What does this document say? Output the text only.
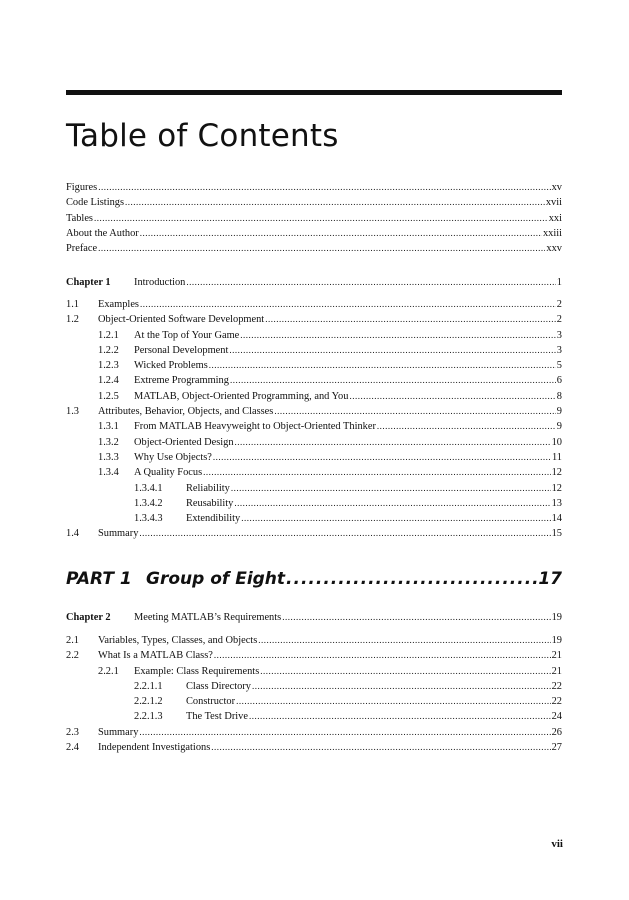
Table of Contents
Figures .....	xv
Code Listings .....	xvii
Tables .....	xxi
About the Author .....	xxiii
Preface .....	xxv
Chapter 1	Introduction .....	1
1.1	Examples .....	2
1.2	Object-Oriented Software Development .....	2
1.2.1	At the Top of Your Game .....	3
1.2.2	Personal Development .....	3
1.2.3	Wicked Problems .....	5
1.2.4	Extreme Programming .....	6
1.2.5	MATLAB, Object-Oriented Programming, and You .....	8
1.3	Attributes, Behavior, Objects, and Classes .....	9
1.3.1	From MATLAB Heavyweight to Object-Oriented Thinker .....	9
1.3.2	Object-Oriented Design .....	10
1.3.3	Why Use Objects? .....	11
1.3.4	A Quality Focus .....	12
1.3.4.1	Reliability .....	12
1.3.4.2	Reusability .....	13
1.3.4.3	Extendibility .....	14
1.4	Summary .....	15
PART 1 Group of Eight .....	17
Chapter 2	Meeting MATLAB’s Requirements .....	19
2.1	Variables, Types, Classes, and Objects .....	19
2.2	What Is a MATLAB Class? .....	21
2.2.1	Example: Class Requirements .....	21
2.2.1.1	Class Directory .....	22
2.2.1.2	Constructor .....	22
2.2.1.3	The Test Drive .....	24
2.3	Summary .....	26
2.4	Independent Investigations .....	27
vii
